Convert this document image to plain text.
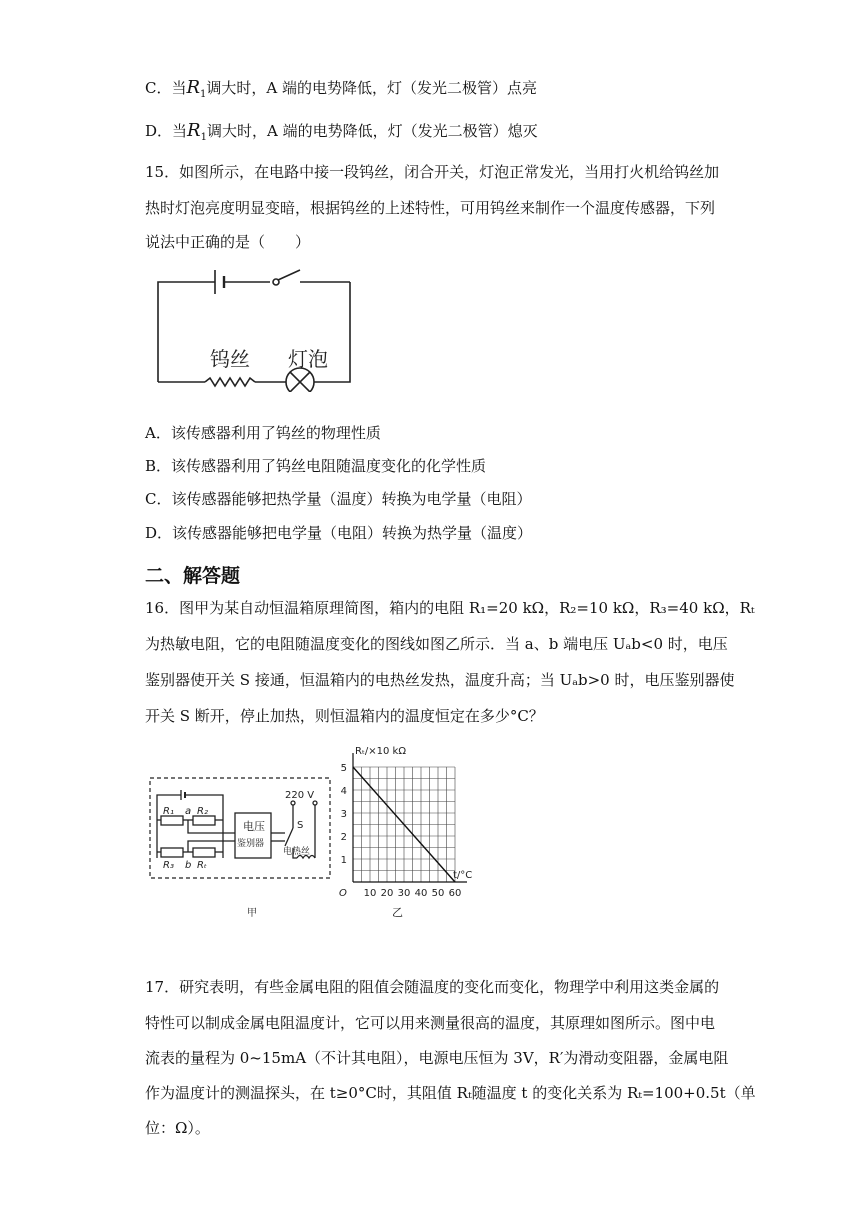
C．当$R_1$调大时，A 端的电势降低，灯（发光二极管）点亮
D．当$R_1$调大时，A 端的电势降低，灯（发光二极管）熄灭
15．如图所示，在电路中接一段钨丝，闭合开关，灯泡正常发光，当用打火机给钨丝加
热时灯泡亮度明显变暗，根据钨丝的上述特性，可用钨丝来制作一个温度传感器，下列
说法中正确的是（　　）
钨丝 灯泡
A．该传感器利用了钨丝的物理性质
B．该传感器利用了钨丝电阻随温度变化的化学性质
C．该传感器能够把热学量（温度）转换为电学量（电阻）
D．该传感器能够把电学量（电阻）转换为热学量（温度）
二、解答题
16．图甲为某自动恒温箱原理简图，箱内的电阻 R₁=20 kΩ，R₂=10 kΩ，R₃=40 kΩ，Rₜ
为热敏电阻，它的电阻随温度变化的图线如图乙所示．当 a、b 端电压 Uₐb<0 时，电压
鉴别器使开关 S 接通，恒温箱内的电热丝发热，温度升高；当 Uₐb>0 时，电压鉴别器使
开关 S 断开，停止加热，则恒温箱内的温度恒定在多少°C？
R₁ a R₂
R₃ b Rₜ
电压
鉴别器
220 V
S
电热丝
甲
10 20 30 40 50 60
1
2
3
4
5
O
Rₜ/×10 kΩ
t/°C
乙
17．研究表明，有些金属电阻的阻值会随温度的变化而变化，物理学中利用这类金属的
特性可以制成金属电阻温度计，它可以用来测量很高的温度，其原理如图所示。图中电
流表的量程为 0~15mA（不计其电阻），电源电压恒为 3V，R′为滑动变阻器，金属电阻
作为温度计的测温探头，在 t≥0°C时，其阻值 Rₜ随温度 t 的变化关系为 Rₜ=100+0.5t（单
位：Ω）。
